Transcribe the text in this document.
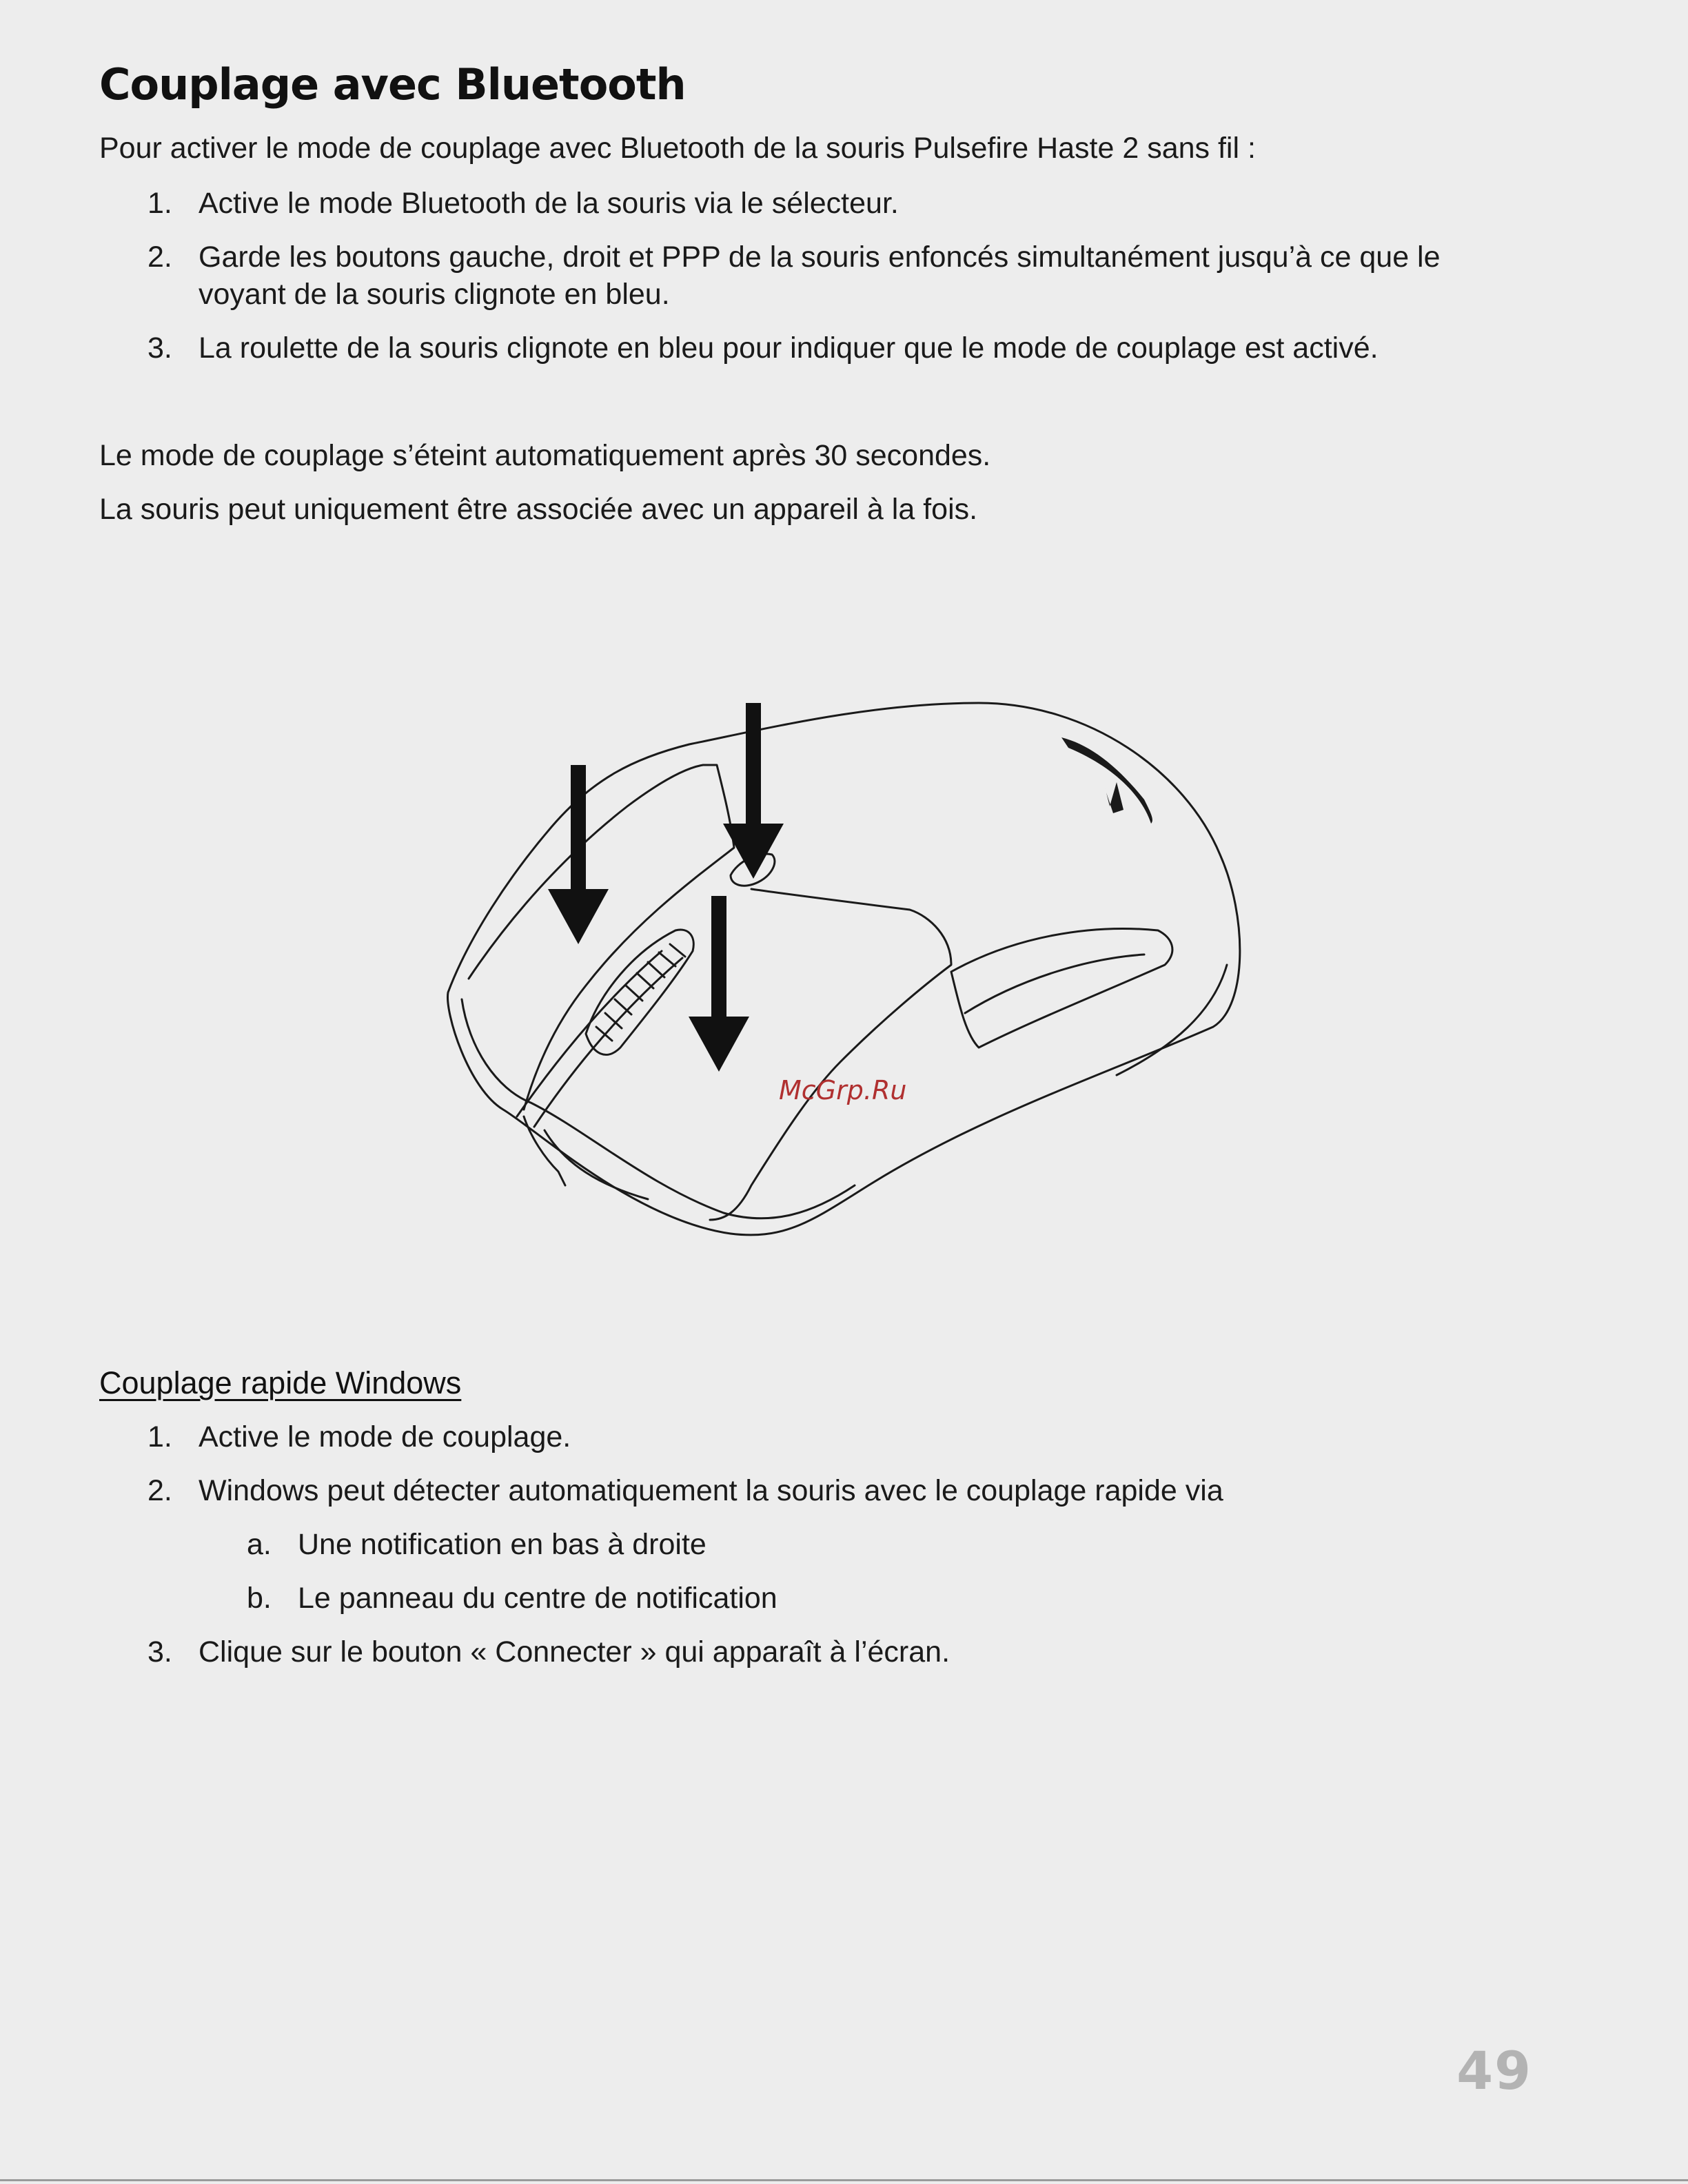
Couplage avec Bluetooth

Pour activer le mode de couplage avec Bluetooth de la souris Pulsefire Haste 2 sans fil :

1. Active le mode Bluetooth de la souris via le sélecteur.
2. Garde les boutons gauche, droit et PPP de la souris enfoncés simultanément jusqu’à ce que le
voyant de la souris clignote en bleu.
3. La roulette de la souris clignote en bleu pour indiquer que le mode de couplage est activé.

Le mode de couplage s’éteint automatiquement après 30 secondes.

La souris peut uniquement être associée avec un appareil à la fois.

McGrp.Ru
Couplage rapide Windows
1. Active le mode de couplage.
2. Windows peut détecter automatiquement la souris avec le couplage rapide via
a. Une notification en bas à droite
b. Le panneau du centre de notification
3. Clique sur le bouton « Connecter » qui apparaît à l’écran.
49
